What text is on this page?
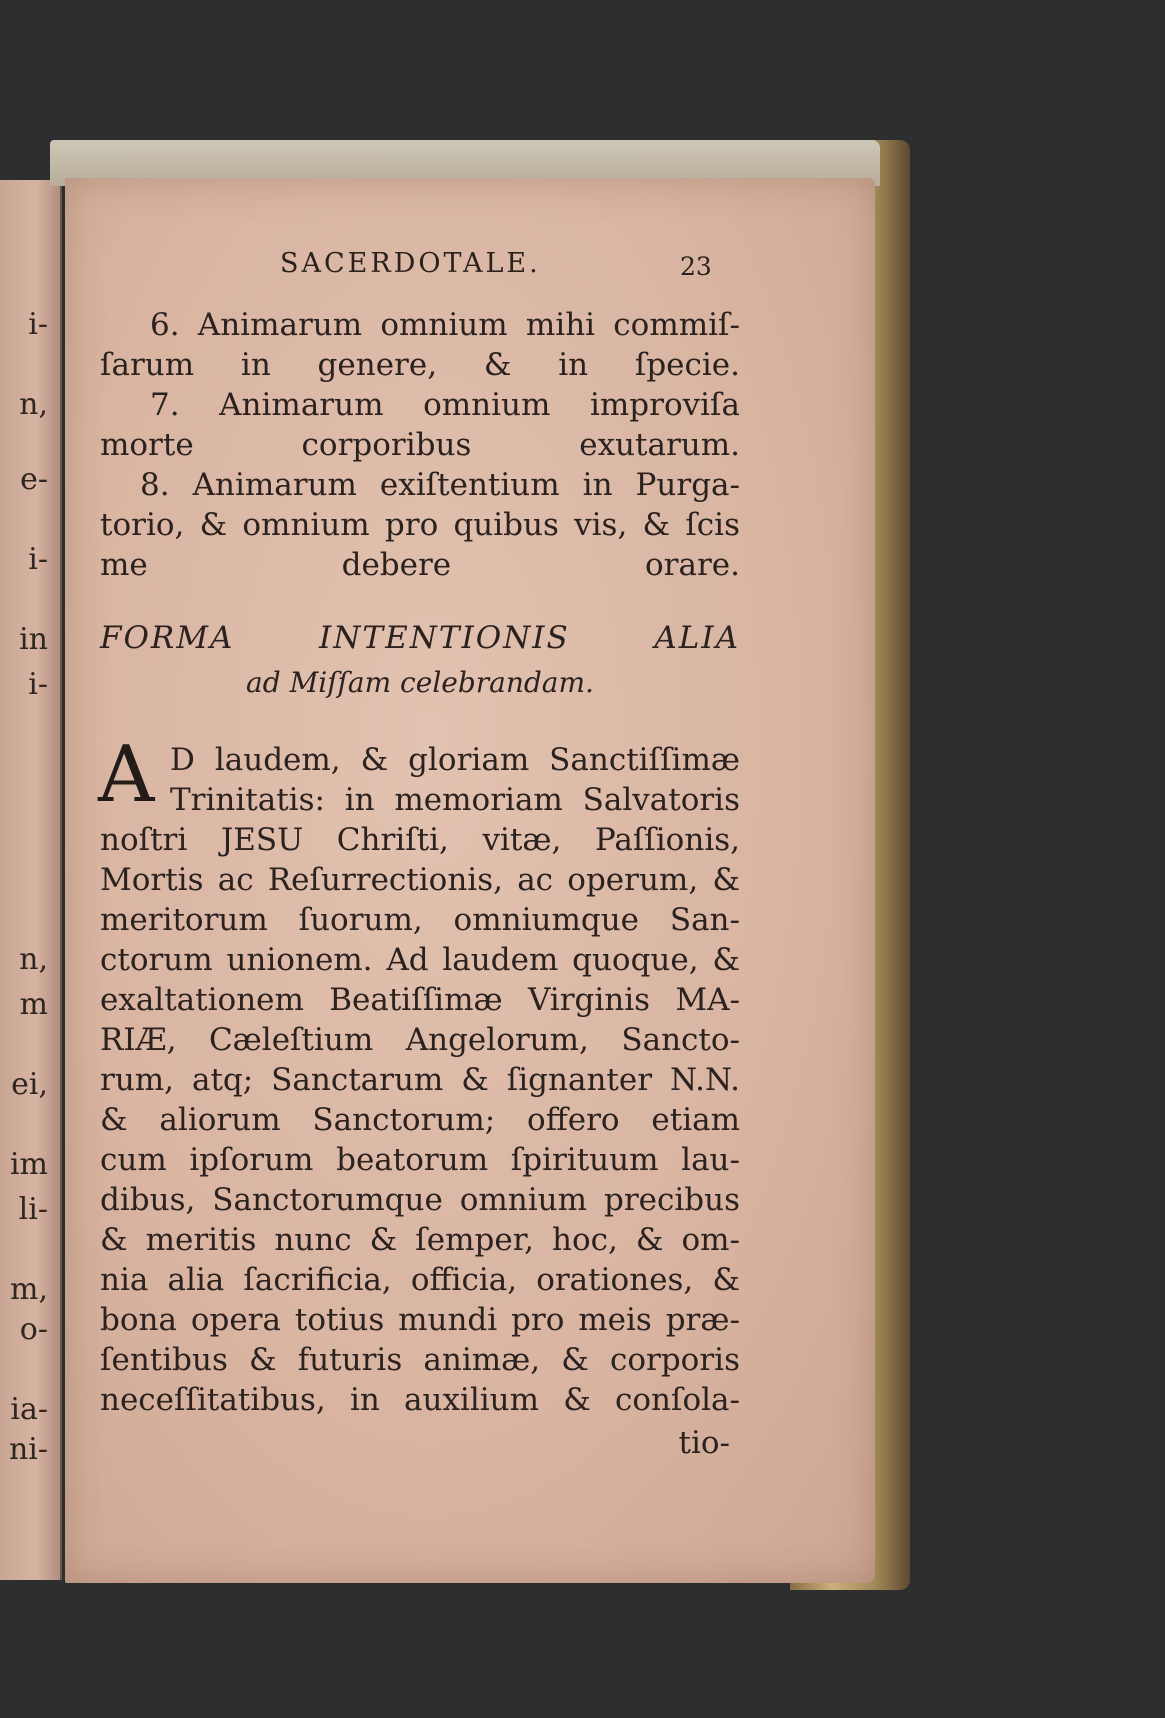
i-
n,
e-
i-
in
i-
n,
m
ei,
im
li-
m,
o-
ia-
ni-
SACERDOTALE.	23
6. Animarum omnium mihi commiſ-
ſarum in genere, & in ſpecie.
7. Animarum omnium improviſa
morte corporibus exutarum.
8. Animarum exiſtentium in Purga-
torio, & omnium pro quibus vis, & ſcis
me debere orare.
FORMA	INTENTIONIS	ALIA
ad Miſſam celebrandam.
A D laudem, & gloriam Sanctiſſimæ
Trinitatis: in memoriam Salvatoris
noſtri JESU Chriſti, vitæ, Paſſionis,
Mortis ac Reſurrectionis, ac operum, &
meritorum ſuorum, omniumque San-
ctorum unionem. Ad laudem quoque, &
exaltationem Beatiſſimæ Virginis MA-
RIÆ, Cæleſtium Angelorum, Sancto-
rum, atq; Sanctarum & ſignanter N.N.
& aliorum Sanctorum; offero etiam
cum ipſorum beatorum ſpirituum lau-
dibus, Sanctorumque omnium precibus
& meritis nunc & ſemper, hoc, & om-
nia alia ſacrificia, officia, orationes, &
bona opera totius mundi pro meis præ-
ſentibus & futuris animæ, & corporis
neceſſitatibus, in auxilium & conſola-
tio-
